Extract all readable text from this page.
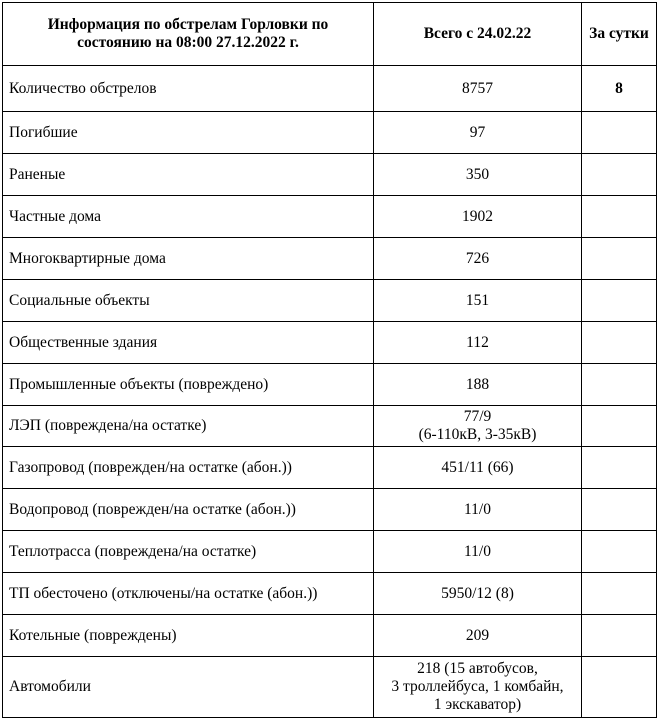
Информация по обстрелам Горловки по состоянию на 08:00 27.12.2022 г.	Всего с 24.02.22	За сутки
Количество обстрелов	8757	8
Погибшие	97	
Раненые	350	
Частные дома	1902	
Многоквартирные дома	726	
Социальные объекты	151	
Общественные здания	112	
Промышленные объекты (повреждено)	188	
ЛЭП (повреждена/на остатке)	77/9
(6-110кВ, 3-35кВ)	
Газопровод (поврежден/на остатке (абон.))	451/11 (66)	
Водопровод (поврежден/на остатке (абон.))	11/0	
Теплотрасса (повреждена/на остатке)	11/0	
ТП обесточено (отключены/на остатке (абон.))	5950/12 (8)	
Котельные (повреждены)	209	
Автомобили	218 (15 автобусов,
3 троллейбуса, 1 комбайн,
1 экскаватор)	
